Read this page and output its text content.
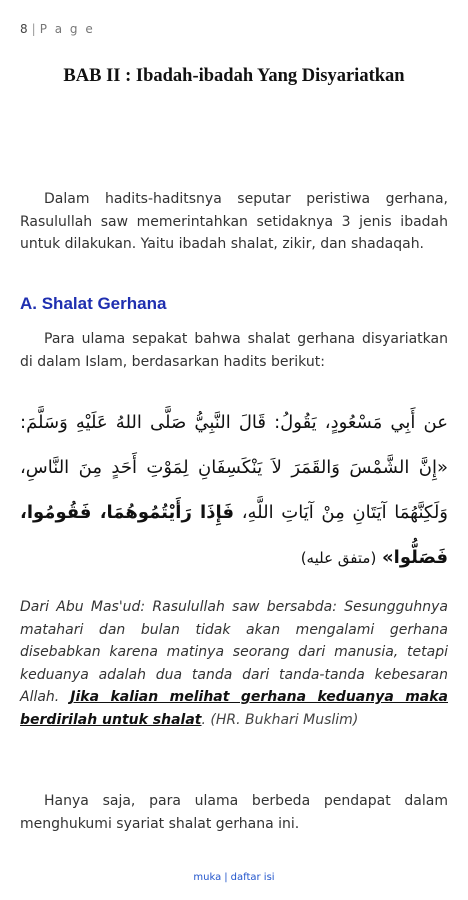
8 | P a g e
BAB II : Ibadah-ibadah Yang Disyariatkan

Dalam hadits-haditsnya seputar peristiwa gerhana, Rasulullah saw memerintahkan setidaknya 3 jenis ibadah untuk dilakukan. Yaitu ibadah shalat, zikir, dan shadaqah.

A. Shalat Gerhana

Para ulama sepakat bahwa shalat gerhana disyariatkan di dalam Islam, berdasarkan hadits berikut:

عن أَبِي مَسْعُودٍ، يَقُولُ: قَالَ النَّبِيُّ صَلَّى اللهُ عَلَيْهِ وَسَلَّمَ: «إِنَّ الشَّمْسَ وَالقَمَرَ لاَ يَنْكَسِفَانِ لِمَوْتِ أَحَدٍ مِنَ النَّاسِ، وَلَكِنَّهُمَا آيَتَانِ مِنْ آيَاتِ اللَّهِ، فَإِذَا رَأَيْتُمُوهُمَا، فَقُومُوا، فَصَلُّوا» (متفق عليه)
Dari Abu Mas'ud: Rasulullah saw bersabda: Sesungguhnya matahari dan bulan tidak akan mengalami gerhana disebabkan karena matinya seorang dari manusia, tetapi keduanya adalah dua tanda dari tanda-tanda kebesaran Allah. Jika kalian melihat gerhana keduanya maka berdirilah untuk shalat. (HR. Bukhari Muslim)

Hanya saja, para ulama berbeda pendapat dalam menghukumi syariat shalat gerhana ini.

muka | daftar isi
